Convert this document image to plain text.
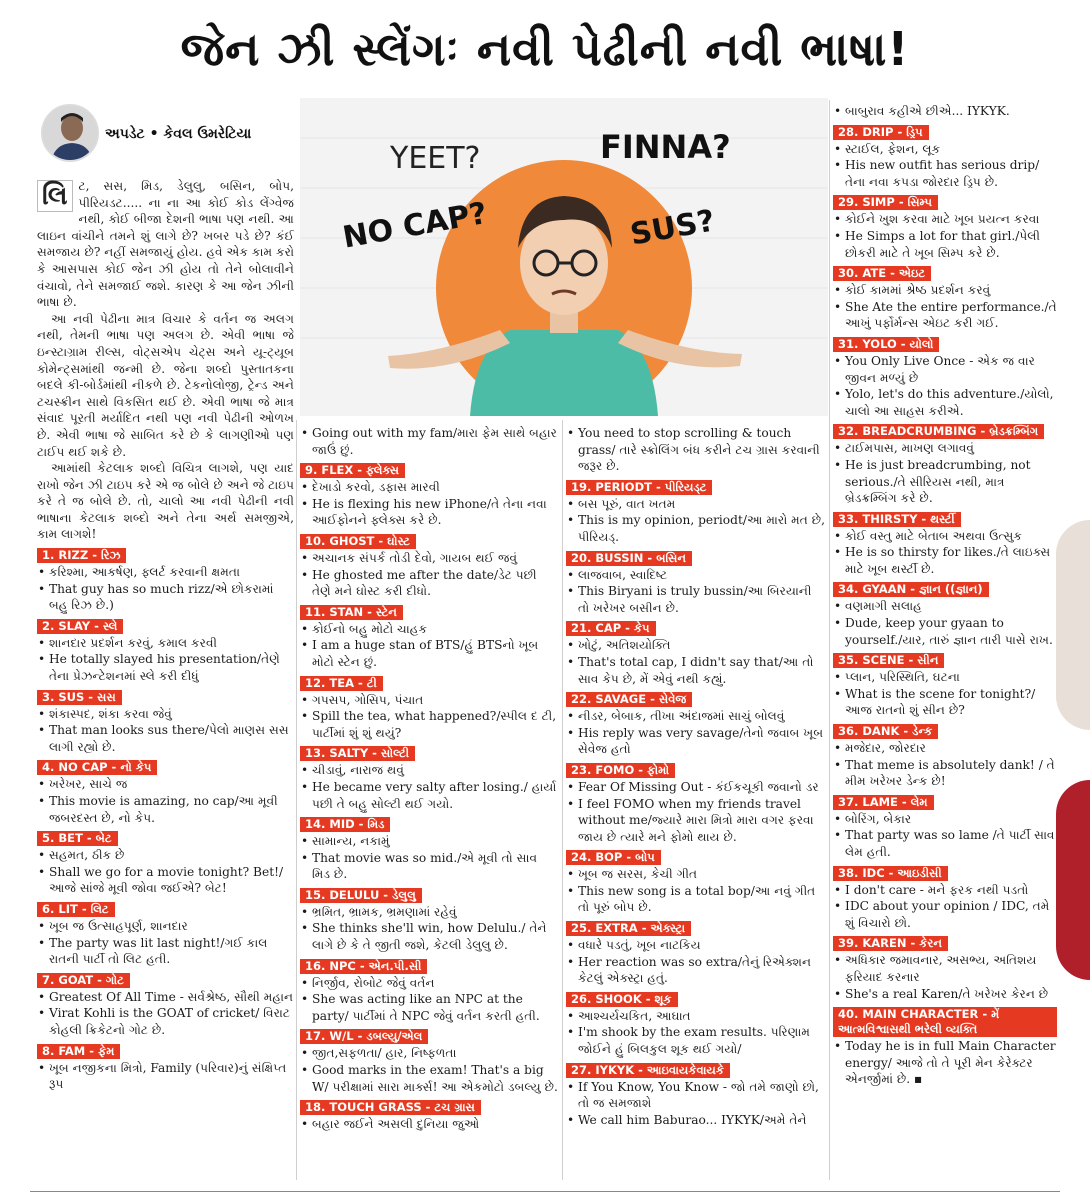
જેન ઝી સ્લેંગઃ નવી પેઢીની નવી ભાષા!
અપડેટ • કેવલ ઉમરેટિયા
YEET?	FINNA?
NO CAP?	SUS?
લિ ટ, સસ, મિડ, ડેલુલુ, બસિન, બોપ, પીરિયડટ..... ના ના આ કોઈ કોડ લેંગ્વેજ નથી, કોઈ બીજા દેશની ભાષા પણ નથી. આ લાઇન વાંચીને તમને શું લાગે છે? ખબર પડે છે? કંઈ સમજાય છે? નહીં સમજાયું હોય. હવે એક કામ કરો કે આસપાસ કોઈ જેન ઝી હોય તો તેને બોલાવીને વંચાવો, તેને સમજાઈ જશે. કારણ કે આ જેન ઝીની ભાષા છે.
આ નવી પેઢીના માત્ર વિચાર કે વર્તન જ અલગ નથી, તેમની ભાષા પણ અલગ છે. એવી ભાષા જે ઇન્સ્ટાગ્રામ રીલ્સ, વોટ્સએપ ચેટ્સ અને યૂ-ટ્યૂબ કોમેન્ટ્સમાંથી જન્મી છે. જેના શબ્દો પુસ્તાતકના બદલે કી-બોર્ડમાંથી નીકળે છે. ટેકનોલોજી, ટ્રેન્ડ અને ટચસ્ક્રીન સાથે વિકસિત થઈ છે. એવી ભાષા જે માત્ર સંવાદ પૂરતી મર્યાદિત નથી પણ નવી પેઢીની ઓળખ છે. એવી ભાષા જે સાબિત કરે છે કે લાગણીઓ પણ ટાઈપ થઈ શકે છે.
આમાંથી કેટલાક શબ્દો વિચિત્ર લાગશે, પણ યાદ રાખો જેન ઝી ટાઇપ કરે એ જ બોલે છે અને જે ટાઇપ કરે તે જ બોલે છે. તો, ચાલો આ નવી પેઢીની નવી ભાષાના કેટલાક શબ્દો અને તેના અર્થ સમજીએ, કામ લાગશે!
1. RIZZ - રિઝ
• કરિશ્મા, આકર્ષણ, ફ્લર્ટ કરવાની ક્ષમતા
• That guy has so much rizz/એ છોકરામાં બહુ રિઝ છે.)
2. SLAY - સ્લે
• શાનદાર પ્રદર્શન કરવું, કમાલ કરવી
• He totally slayed his presentation/તેણે તેના પ્રેઝન્ટેશનમાં સ્લે કરી દીધું
3. SUS - સસ
• શંકાસ્પદ, શંકા કરવા જેવું
• That man looks sus there/પેલો માણસ સસ લાગી રહ્યો છે.
4. NO CAP - નો કેપ
• ખરેખર, સાચે જ
• This movie is amazing, no cap/આ મૂવી જબરદસ્ત છે, નો કેપ.
5. BET - બેટ
• સહમત, ઠીક છે
• Shall we go for a movie tonight? Bet!/ આજે સાંજે મૂવી જોવા જઈએ? બેટ!
6. LIT - લિટ
• ખૂબ જ ઉત્સાહપૂર્ણ, શાનદાર
• The party was lit last night!/ગઈ કાલ રાતની પાર્ટી તો લિટ હતી.
7. GOAT - ગોટ
• Greatest Of All Time - સર્વશ્રેષ્ઠ, સૌથી મહાન
• Virat Kohli is the GOAT of cricket/ વિરાટ કોહલી ક્રિકેટનો ગોટ છે.
8. FAM - ફેમ
• ખૂબ નજીકના મિત્રો, Family (પરિવાર)નું સંક્ષિપ્ત રૂપ
• Going out with my fam/મારા ફેમ સાથે બહાર જાઉં છું.
9. FLEX - ફ્લેક્સ
• દેખાડો કરવો, ડફાસ મારવી
• He is flexing his new iPhone/તે તેના નવા આઈફોનને ફ્લેક્સ કરે છે.
10. GHOST - ઘોસ્ટ
• અચાનક સંપર્ક તોડી દેવો, ગાયબ થઈ જવું
• He ghosted me after the date/ડેટ પછી તેણે મને ઘોસ્ટ કરી દીધો.
11. STAN - સ્ટેન
• કોઈનો બહુ મોટો ચાહક
• I am a huge stan of BTS/હું BTSનો ખૂબ મોટો સ્ટેન છું.
12. TEA - ટી
• ગપસપ, ગોસિપ, પંચાત
• Spill the tea, what happened?/સ્પીલ દ ટી, પાર્ટીમાં શું શું થયું?
13. SALTY - સોલ્ટી
• ચીડાવું, નારાજ થવું
• He became very salty after losing./ હાર્યા પછી તે બહુ સોલ્ટી થઈ ગયો.
14. MID - મિડ
• સામાન્ય, નકામું
• That movie was so mid./એ મૂવી તો સાવ મિડ છે.
15. DELULU - ડેલુલુ
• ભ્રમિત, ભ્રામક, ભ્રમણામાં રહેવું
• She thinks she'll win, how Delulu./ તેને લાગે છે કે તે જીતી જશે, કેટલી ડેલુલુ છે.
16. NPC - એન.પી.સી
• નિર્જીવ, રોબોટ જેવું વર્તન
• She was acting like an NPC at the party/ પાર્ટીમાં તે NPC જેવું વર્તન કરતી હતી.
17. W/L - ડબલ્યુ/એલ
• જીત,સફળતા/ હાર, નિષ્ફળતા
• Good marks in the exam! That's a big W/ પરીક્ષામાં સારા માર્ક્સ! આ એકમોટો ડબલ્યુ છે.
18. TOUCH GRASS - ટચ ગ્રાસ
• બહાર જઈને અસલી દુનિયા જુઓ
• You need to stop scrolling & touch grass/ તારે સ્ક્રોલિંગ બંધ કરીને ટચ ગ્રાસ કરવાની જરૂર છે.
19. PERIODT - પીરિયડ્ટ
• બસ પૂરું, વાત ખતમ
• This is my opinion, periodt/આ મારો મત છે, પીરિયડ્.
20. BUSSIN - બસિન
• લાજવાબ, સ્વાદિષ્ટ
• This Biryani is truly bussin/આ બિરયાની તો ખરેખર બસીન છે.
21. CAP - કેપ
• ખોટું, અતિશયોક્તિ
• That's total cap, I didn't say that/આ તો સાવ કેપ છે, મેં એવું નથી કહ્યું.
22. SAVAGE - સેવેજ
• નીડર, બેબાક, તીખા અંદાજમાં સાચું બોલવું
• His reply was very savage/તેનો જવાબ ખૂબ સેવેજ હતો
23. FOMO - ફોમો
• Fear Of Missing Out - કંઈકચૂકી જવાનો ડર
• I feel FOMO when my friends travel without me/જ્યારે મારા મિત્રો મારા વગર ફરવા જાય છે ત્યારે મને ફોમો થાય છે.
24. BOP - બોપ
• ખૂબ જ સરસ, કેચી ગીત
• This new song is a total bop/આ નવું ગીત તો પૂરું બોપ છે.
25. EXTRA - એક્સ્ટ્રા
• વધારે પડતું, ખૂબ નાટકિય
• Her reaction was so extra/તેનું રિએક્શન કેટલું એક્સ્ટ્રા હતું.
26. SHOOK - શૂક
• આશ્ચર્યચકિત, આઘાત
• I'm shook by the exam results. પરિણામ જોઈને હું બિલકુલ શૂક થઈ ગયો/
27. IYKYK - આઇવાયકેવાયકે
• If You Know, You Know - જો તમે જાણો છો, તો જ સમજાશે
• We call him Baburao... IYKYK/અમે તેને
• બાબુરાવ કહીએ છીએ... IYKYK.
28. DRIP - ડ્રિપ
• સ્ટાઈલ, ફેશન, લૂક
• His new outfit has serious drip/તેના નવા કપડા જોરદાર ડ્રિપ છે.
29. SIMP - સિમ્પ
• કોઈને ખુશ કરવા માટે ખૂબ પ્રયત્ન કરવા
• He Simps a lot for that girl./પેલી છોકરી માટે તે ખૂબ સિમ્પ કરે છે.
30. ATE - એઇટ
• કોઈ કામમાં શ્રેષ્ઠ પ્રદર્શન કરવું
• She Ate the entire performance./તે આખું પર્ફોર્મન્સ એઇટ કરી ગઈ.
31. YOLO - યોલો
• You Only Live Once - એક જ વાર જીવન મળ્યું છે
• Yolo, let's do this adventure./યોલો, ચાલો આ સાહસ કરીએ.
32. BREADCRUMBING - બ્રેડક્રમ્બિંગ
• ટાઈમપાસ, માખણ લગાવવું
• He is just breadcrumbing, not serious./તે સીરિયસ નથી, માત્ર બ્રેડક્રમ્બિંગ કરે છે.
33. THIRSTY - થર્સ્ટી
• કોઈ વસ્તુ માટે બેતાબ અથવા ઉત્સુક
• He is so thirsty for likes./તે લાઇક્સ માટે ખૂબ થર્સ્ટી છે.
34. GYAAN - જ્ઞાન ((જ્ઞાન)
• વણમાગી સલાહ
• Dude, keep your gyaan to yourself./યાર, તારું જ્ઞાન તારી પાસે રાખ.
35. SCENE - સીન
• પ્લાન, પરિસ્થિતિ, ઘટના
• What is the scene for tonight?/આજ રાતનો શું સીન છે?
36. DANK - ડેન્ક
• મજેદાર, જોરદાર
• That meme is absolutely dank! / તે મીમ ખરેખર ડેન્ક છે!
37. LAME - લેમ
• બોરિંગ, બેકાર
• That party was so lame /તે પાર્ટી સાવ લેમ હતી.
38. IDC - આઇડીસી
• I don't care - મને ફરક નથી પડતો
• IDC about your opinion / IDC, તમે શું વિચારો છો.
39. KAREN - કેરન
• અધિકાર જમાવનાર, અસભ્ય, અતિશય ફરિયાદ કરનાર
• She's a real Karen/તે ખરેખર કેરન છે
40. MAIN CHARACTER - મેં આત્મવિશ્વાસથી ભરેલી વ્યક્તિ
• Today he is in full Main Character energy/ આજે તો તે પૂરી મેન કેરેક્ટર એનર્જીમાં છે. ▪
